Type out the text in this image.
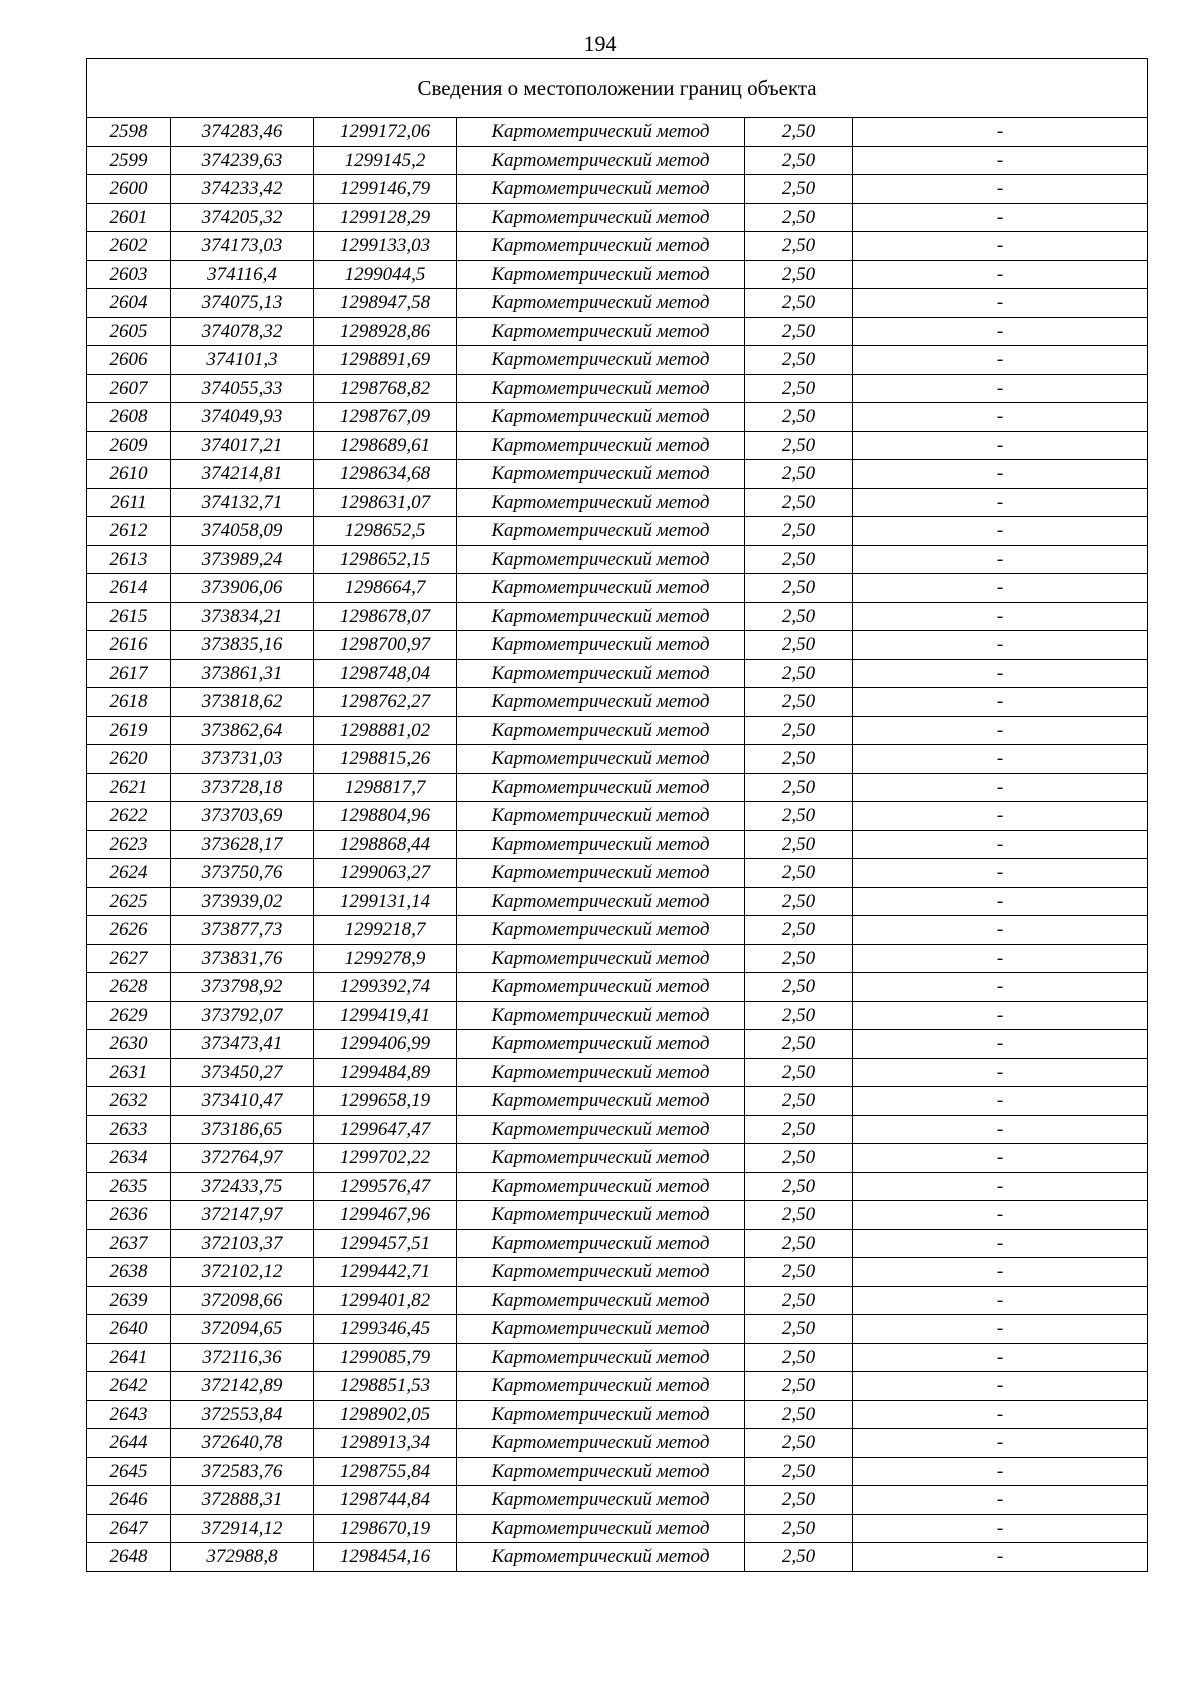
194
Сведения о местоположении границ объекта					
2598	374283,46	1299172,06	Картометрический метод	2,50	-
2599	374239,63	1299145,2	Картометрический метод	2,50	-
2600	374233,42	1299146,79	Картометрический метод	2,50	-
2601	374205,32	1299128,29	Картометрический метод	2,50	-
2602	374173,03	1299133,03	Картометрический метод	2,50	-
2603	374116,4	1299044,5	Картометрический метод	2,50	-
2604	374075,13	1298947,58	Картометрический метод	2,50	-
2605	374078,32	1298928,86	Картометрический метод	2,50	-
2606	374101,3	1298891,69	Картометрический метод	2,50	-
2607	374055,33	1298768,82	Картометрический метод	2,50	-
2608	374049,93	1298767,09	Картометрический метод	2,50	-
2609	374017,21	1298689,61	Картометрический метод	2,50	-
2610	374214,81	1298634,68	Картометрический метод	2,50	-
2611	374132,71	1298631,07	Картометрический метод	2,50	-
2612	374058,09	1298652,5	Картометрический метод	2,50	-
2613	373989,24	1298652,15	Картометрический метод	2,50	-
2614	373906,06	1298664,7	Картометрический метод	2,50	-
2615	373834,21	1298678,07	Картометрический метод	2,50	-
2616	373835,16	1298700,97	Картометрический метод	2,50	-
2617	373861,31	1298748,04	Картометрический метод	2,50	-
2618	373818,62	1298762,27	Картометрический метод	2,50	-
2619	373862,64	1298881,02	Картометрический метод	2,50	-
2620	373731,03	1298815,26	Картометрический метод	2,50	-
2621	373728,18	1298817,7	Картометрический метод	2,50	-
2622	373703,69	1298804,96	Картометрический метод	2,50	-
2623	373628,17	1298868,44	Картометрический метод	2,50	-
2624	373750,76	1299063,27	Картометрический метод	2,50	-
2625	373939,02	1299131,14	Картометрический метод	2,50	-
2626	373877,73	1299218,7	Картометрический метод	2,50	-
2627	373831,76	1299278,9	Картометрический метод	2,50	-
2628	373798,92	1299392,74	Картометрический метод	2,50	-
2629	373792,07	1299419,41	Картометрический метод	2,50	-
2630	373473,41	1299406,99	Картометрический метод	2,50	-
2631	373450,27	1299484,89	Картометрический метод	2,50	-
2632	373410,47	1299658,19	Картометрический метод	2,50	-
2633	373186,65	1299647,47	Картометрический метод	2,50	-
2634	372764,97	1299702,22	Картометрический метод	2,50	-
2635	372433,75	1299576,47	Картометрический метод	2,50	-
2636	372147,97	1299467,96	Картометрический метод	2,50	-
2637	372103,37	1299457,51	Картометрический метод	2,50	-
2638	372102,12	1299442,71	Картометрический метод	2,50	-
2639	372098,66	1299401,82	Картометрический метод	2,50	-
2640	372094,65	1299346,45	Картометрический метод	2,50	-
2641	372116,36	1299085,79	Картометрический метод	2,50	-
2642	372142,89	1298851,53	Картометрический метод	2,50	-
2643	372553,84	1298902,05	Картометрический метод	2,50	-
2644	372640,78	1298913,34	Картометрический метод	2,50	-
2645	372583,76	1298755,84	Картометрический метод	2,50	-
2646	372888,31	1298744,84	Картометрический метод	2,50	-
2647	372914,12	1298670,19	Картометрический метод	2,50	-
2648	372988,8	1298454,16	Картометрический метод	2,50	-
